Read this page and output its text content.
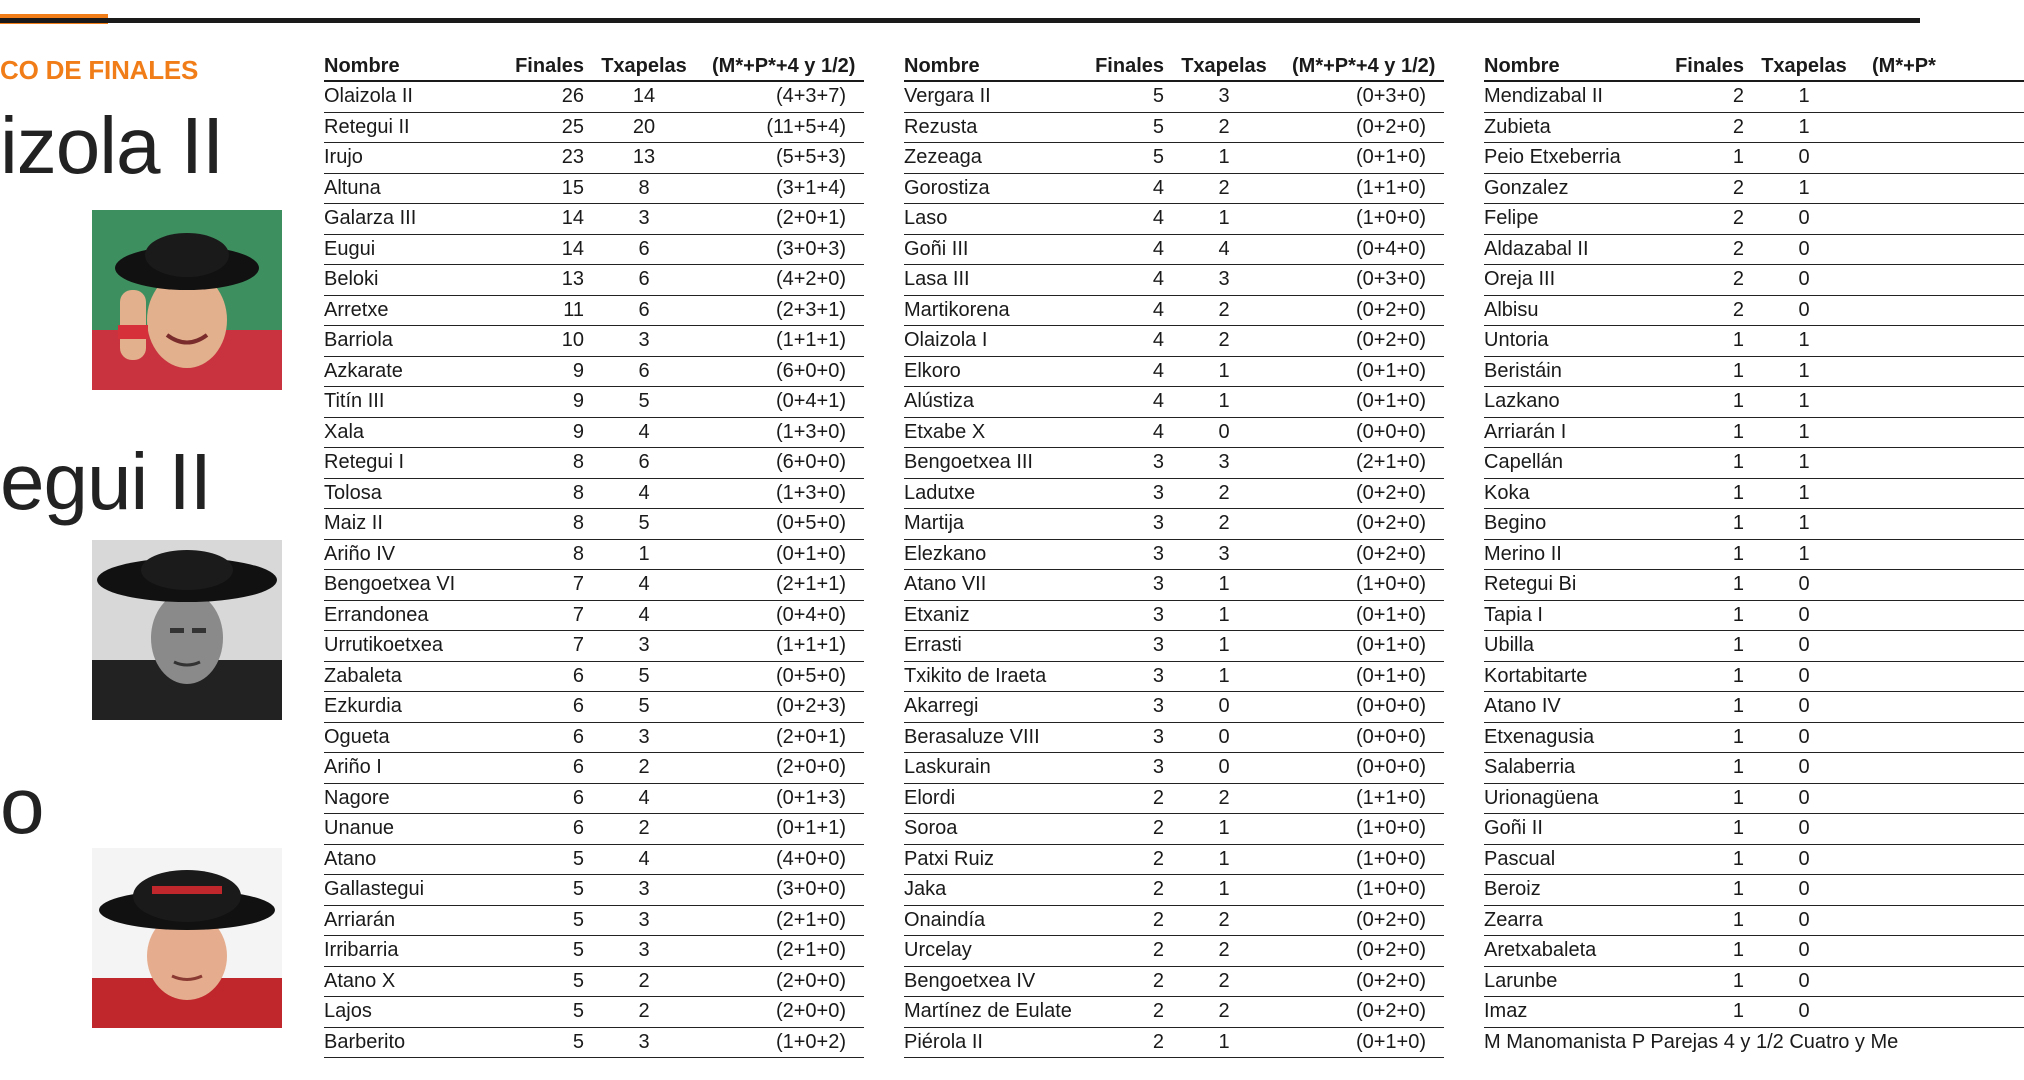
CO DE FINALES
izola II
egui II
o
Nombre	Finales Txapelas	(M*+P*+4 y 1/2)
Olaizola II	26	14	(4+3+7)
Retegui II	25	20	(11+5+4)
Irujo	23	13	(5+5+3)
Altuna	15	8	(3+1+4)
Galarza III	14	3	(2+0+1)
Eugui	14	6	(3+0+3)
Beloki	13	6	(4+2+0)
Arretxe	11	6	(2+3+1)
Barriola	10	3	(1+1+1)
Azkarate	9	6	(6+0+0)
Titín III	9	5	(0+4+1)
Xala	9	4	(1+3+0)
Retegui I	8	6	(6+0+0)
Tolosa	8	4	(1+3+0)
Maiz II	8	5	(0+5+0)
Ariño IV	8	1	(0+1+0)
Bengoetxea VI	7	4	(2+1+1)
Errandonea	7	4	(0+4+0)
Urrutikoetxea	7	3	(1+1+1)
Zabaleta	6	5	(0+5+0)
Ezkurdia	6	5	(0+2+3)
Ogueta	6	3	(2+0+1)
Ariño I	6	2	(2+0+0)
Nagore	6	4	(0+1+3)
Unanue	6	2	(0+1+1)
Atano	5	4	(4+0+0)
Gallastegui	5	3	(3+0+0)
Arriarán	5	3	(2+1+0)
Irribarria	5	3	(2+1+0)
Atano X	5	2	(2+0+0)
Lajos	5	2	(2+0+0)
Barberito	5	3	(1+0+2)
Nombre	Finales Txapelas	(M*+P*+4 y 1/2)
Vergara II	5	3	(0+3+0)
Rezusta	5	2	(0+2+0)
Zezeaga	5	1	(0+1+0)
Gorostiza	4	2	(1+1+0)
Laso	4	1	(1+0+0)
Goñi III	4	4	(0+4+0)
Lasa III	4	3	(0+3+0)
Martikorena	4	2	(0+2+0)
Olaizola I	4	2	(0+2+0)
Elkoro	4	1	(0+1+0)
Alústiza	4	1	(0+1+0)
Etxabe X	4	0	(0+0+0)
Bengoetxea III	3	3	(2+1+0)
Ladutxe	3	2	(0+2+0)
Martija	3	2	(0+2+0)
Elezkano	3	3	(0+2+0)
Atano VII	3	1	(1+0+0)
Etxaniz	3	1	(0+1+0)
Errasti	3	1	(0+1+0)
Txikito de Iraeta	3	1	(0+1+0)
Akarregi	3	0	(0+0+0)
Berasaluze VIII	3	0	(0+0+0)
Laskurain	3	0	(0+0+0)
Elordi	2	2	(1+1+0)
Soroa	2	1	(1+0+0)
Patxi Ruiz	2	1	(1+0+0)
Jaka	2	1	(1+0+0)
Onaindía	2	2	(0+2+0)
Urcelay	2	2	(0+2+0)
Bengoetxea IV	2	2	(0+2+0)
Martínez de Eulate	2	2	(0+2+0)
Piérola II	2	1	(0+1+0)
Nombre	Finales Txapelas	(M*+P*
Mendizabal II	2	1
Zubieta	2	1
Peio Etxeberria	1	0
Gonzalez	2	1
Felipe	2	0
Aldazabal II	2	0
Oreja III	2	0
Albisu	2	0
Untoria	1	1
Beristáin	1	1
Lazkano	1	1
Arriarán I	1	1
Capellán	1	1
Koka	1	1
Begino	1	1
Merino II	1	1
Retegui Bi	1	0
Tapia I	1	0
Ubilla	1	0
Kortabitarte	1	0
Atano IV	1	0
Etxenagusia	1	0
Salaberria	1	0
Urionagüena	1	0
Goñi II	1	0
Pascual	1	0
Beroiz	1	0
Zearra	1	0
Aretxabaleta	1	0
Larunbe	1	0
Imaz	1	0
M Manomanista P Parejas 4 y 1/2 Cuatro y Me
